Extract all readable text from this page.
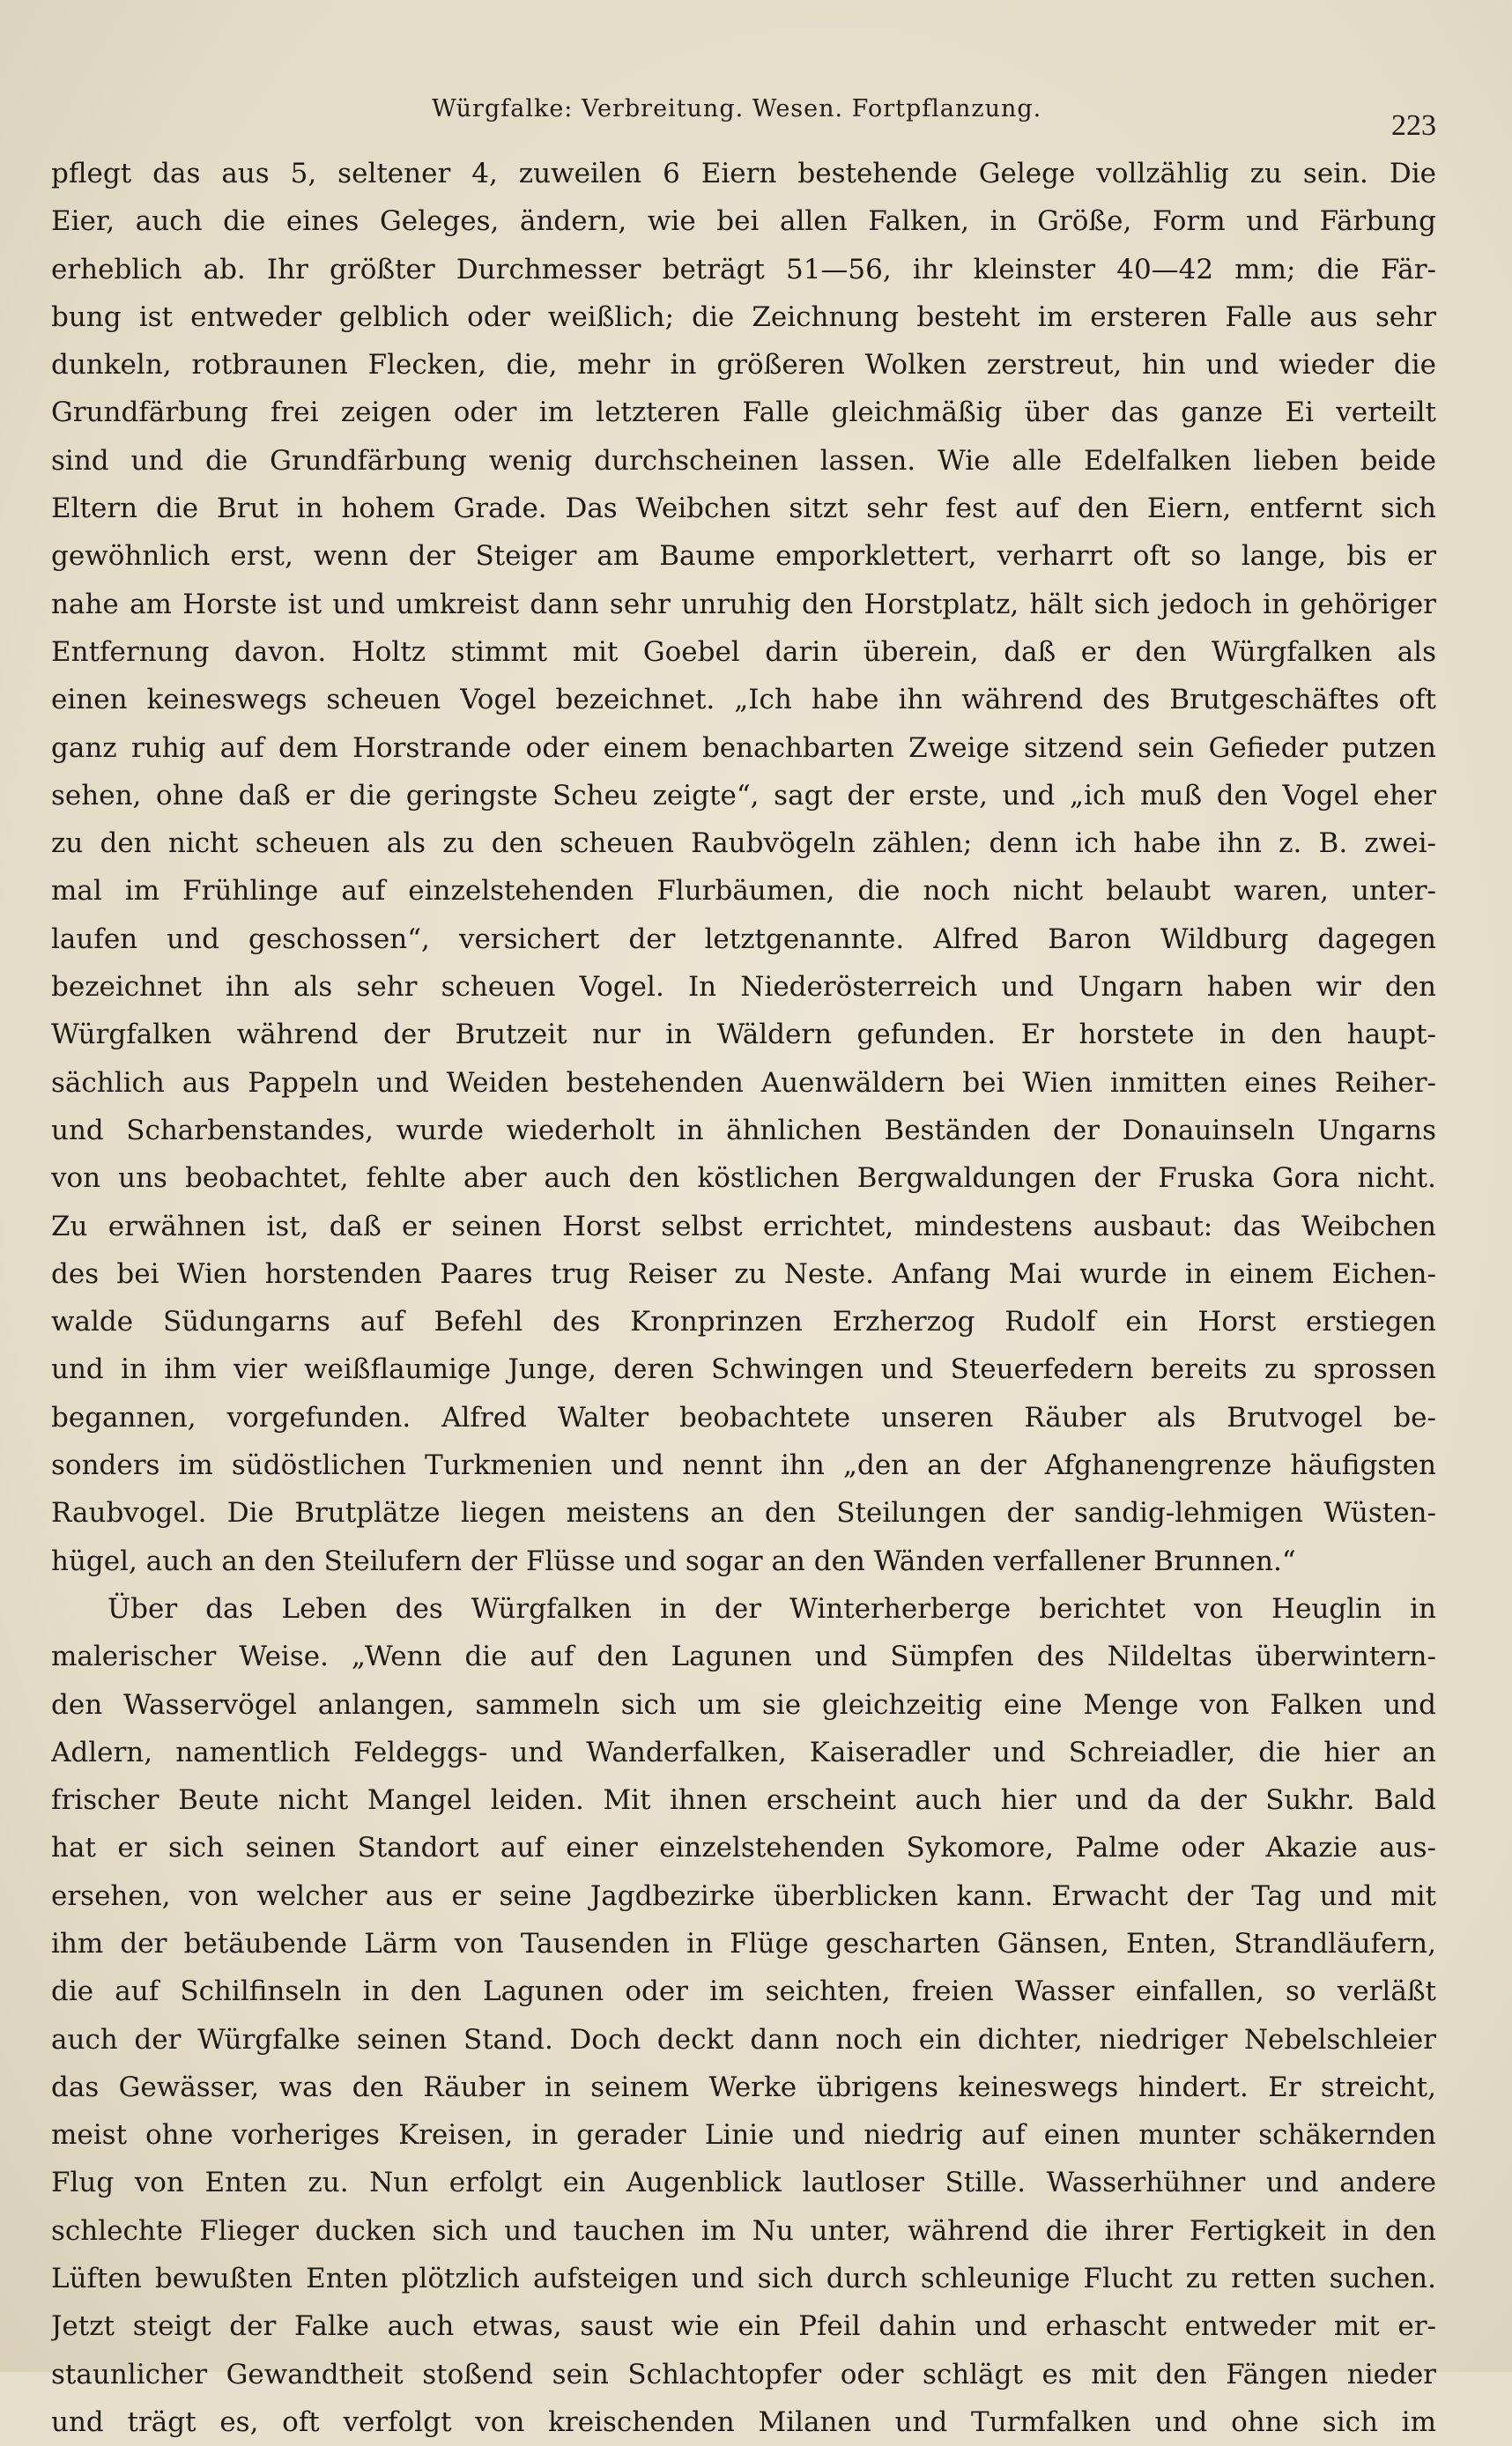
Würgfalke: Verbreitung. Wesen. Fortpflanzung.
223
pflegt das aus 5, seltener 4, zuweilen 6 Eiern bestehende Gelege vollzählig zu sein. Die
Eier, auch die eines Geleges, ändern, wie bei allen Falken, in Größe, Form und Färbung
erheblich ab. Ihr größter Durchmesser beträgt 51—56, ihr kleinster 40—42 mm; die Fär-
bung ist entweder gelblich oder weißlich; die Zeichnung besteht im ersteren Falle aus sehr
dunkeln, rotbraunen Flecken, die, mehr in größeren Wolken zerstreut, hin und wieder die
Grundfärbung frei zeigen oder im letzteren Falle gleichmäßig über das ganze Ei verteilt
sind und die Grundfärbung wenig durchscheinen lassen. Wie alle Edelfalken lieben beide
Eltern die Brut in hohem Grade. Das Weibchen sitzt sehr fest auf den Eiern, entfernt sich
gewöhnlich erst, wenn der Steiger am Baume emporklettert, verharrt oft so lange, bis er
nahe am Horste ist und umkreist dann sehr unruhig den Horstplatz, hält sich jedoch in gehöriger
Entfernung davon. Holtz stimmt mit Goebel darin überein, daß er den Würgfalken als
einen keineswegs scheuen Vogel bezeichnet. „Ich habe ihn während des Brutgeschäftes oft
ganz ruhig auf dem Horstrande oder einem benachbarten Zweige sitzend sein Gefieder putzen
sehen, ohne daß er die geringste Scheu zeigte“, sagt der erste, und „ich muß den Vogel eher
zu den nicht scheuen als zu den scheuen Raubvögeln zählen; denn ich habe ihn z. B. zwei-
mal im Frühlinge auf einzelstehenden Flurbäumen, die noch nicht belaubt waren, unter-
laufen und geschossen“, versichert der letztgenannte. Alfred Baron Wildburg dagegen
bezeichnet ihn als sehr scheuen Vogel. In Niederösterreich und Ungarn haben wir den
Würgfalken während der Brutzeit nur in Wäldern gefunden. Er horstete in den haupt-
sächlich aus Pappeln und Weiden bestehenden Auenwäldern bei Wien inmitten eines Reiher-
und Scharbenstandes, wurde wiederholt in ähnlichen Beständen der Donauinseln Ungarns
von uns beobachtet, fehlte aber auch den köstlichen Bergwaldungen der Fruska Gora nicht.
Zu erwähnen ist, daß er seinen Horst selbst errichtet, mindestens ausbaut: das Weibchen
des bei Wien horstenden Paares trug Reiser zu Neste. Anfang Mai wurde in einem Eichen-
walde Südungarns auf Befehl des Kronprinzen Erzherzog Rudolf ein Horst erstiegen
und in ihm vier weißflaumige Junge, deren Schwingen und Steuerfedern bereits zu sprossen
begannen, vorgefunden. Alfred Walter beobachtete unseren Räuber als Brutvogel be-
sonders im südöstlichen Turkmenien und nennt ihn „den an der Afghanengrenze häufigsten
Raubvogel. Die Brutplätze liegen meistens an den Steilungen der sandig-lehmigen Wüsten-
hügel, auch an den Steilufern der Flüsse und sogar an den Wänden verfallener Brunnen.“
Über das Leben des Würgfalken in der Winterherberge berichtet von Heuglin in
malerischer Weise. „Wenn die auf den Lagunen und Sümpfen des Nildeltas überwintern-
den Wasservögel anlangen, sammeln sich um sie gleichzeitig eine Menge von Falken und
Adlern, namentlich Feldeggs- und Wanderfalken, Kaiseradler und Schreiadler, die hier an
frischer Beute nicht Mangel leiden. Mit ihnen erscheint auch hier und da der Sukhr. Bald
hat er sich seinen Standort auf einer einzelstehenden Sykomore, Palme oder Akazie aus-
ersehen, von welcher aus er seine Jagdbezirke überblicken kann. Erwacht der Tag und mit
ihm der betäubende Lärm von Tausenden in Flüge gescharten Gänsen, Enten, Strandläufern,
die auf Schilfinseln in den Lagunen oder im seichten, freien Wasser einfallen, so verläßt
auch der Würgfalke seinen Stand. Doch deckt dann noch ein dichter, niedriger Nebelschleier
das Gewässer, was den Räuber in seinem Werke übrigens keineswegs hindert. Er streicht,
meist ohne vorheriges Kreisen, in gerader Linie und niedrig auf einen munter schäkernden
Flug von Enten zu. Nun erfolgt ein Augenblick lautloser Stille. Wasserhühner und andere
schlechte Flieger ducken sich und tauchen im Nu unter, während die ihrer Fertigkeit in den
Lüften bewußten Enten plötzlich aufsteigen und sich durch schleunige Flucht zu retten suchen.
Jetzt steigt der Falke auch etwas, saust wie ein Pfeil dahin und erhascht entweder mit er-
staunlicher Gewandtheit stoßend sein Schlachtopfer oder schlägt es mit den Fängen nieder
und trägt es, oft verfolgt von kreischenden Milanen und Turmfalken und ohne sich im
